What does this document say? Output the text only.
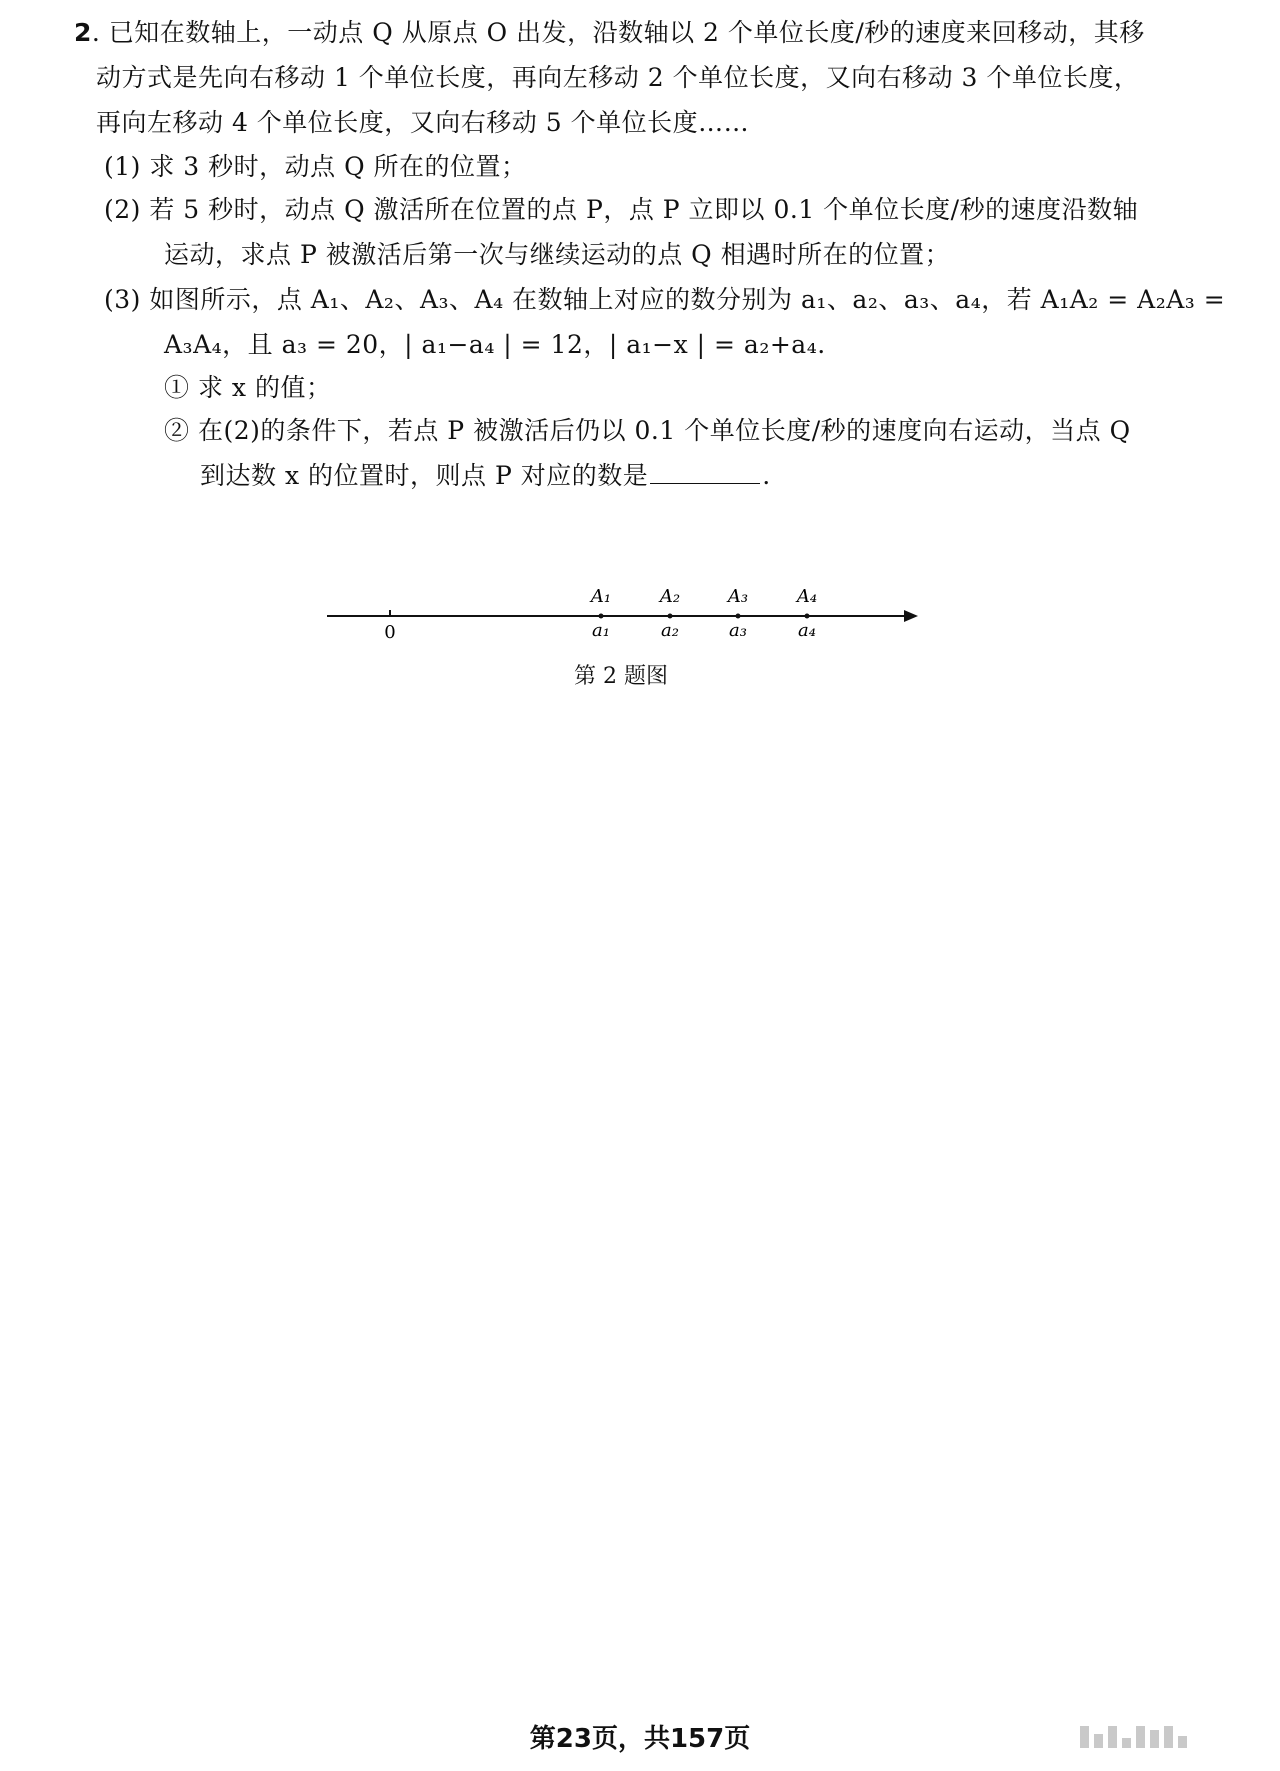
2. 已知在数轴上，一动点 Q 从原点 O 出发，沿数轴以 2 个单位长度/秒的速度来回移动，其移
动方式是先向右移动 1 个单位长度，再向左移动 2 个单位长度，又向右移动 3 个单位长度，
再向左移动 4 个单位长度，又向右移动 5 个单位长度……
(1) 求 3 秒时，动点 Q 所在的位置；
(2) 若 5 秒时，动点 Q 激活所在位置的点 P，点 P 立即以 0.1 个单位长度/秒的速度沿数轴
运动，求点 P 被激活后第一次与继续运动的点 Q 相遇时所在的位置；
(3) 如图所示，点 A₁、A₂、A₃、A₄ 在数轴上对应的数分别为 a₁、a₂、a₃、a₄，若 A₁A₂ = A₂A₃ =
A₃A₄，且 a₃ = 20，| a₁−a₄ | = 12，| a₁−x | = a₂+a₄.
① 求 x 的值；
② 在(2)的条件下，若点 P 被激活后仍以 0.1 个单位长度/秒的速度向右运动，当点 Q
到达数 x 的位置时，则点 P 对应的数是	.
0
A₁	A₂	A₃	A₄
a₁	a₂	a₃	a₄
第 2 题图
第23页，共157页
